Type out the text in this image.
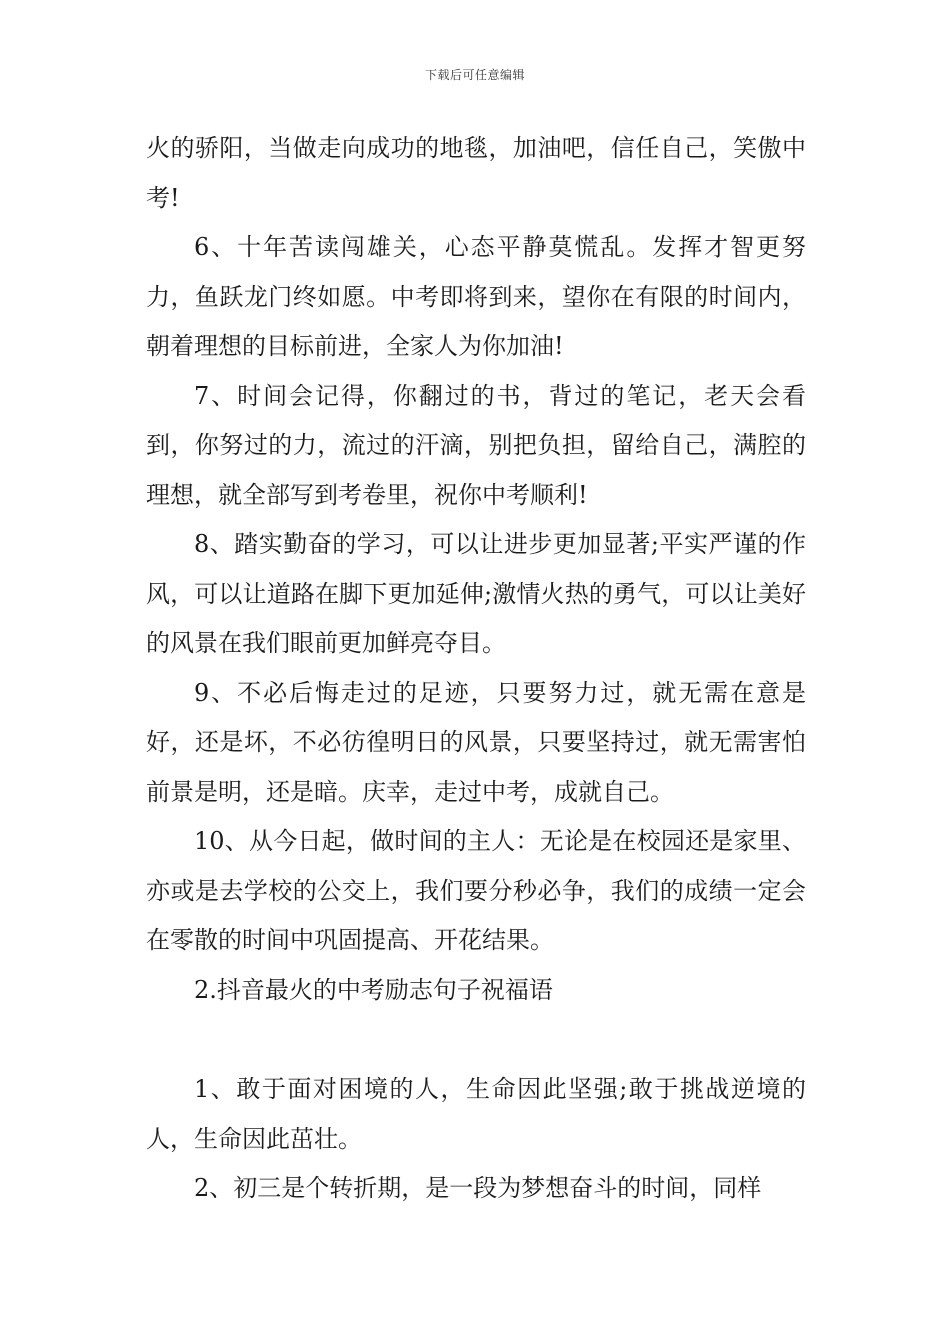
下载后可任意编辑

火的骄阳，当做走向成功的地毯，加油吧，信任自己，笑傲中考!

6、十年苦读闯雄关，心态平静莫慌乱。发挥才智更努力，鱼跃龙门终如愿。中考即将到来，望你在有限的时间内，朝着理想的目标前进，全家人为你加油!

7、时间会记得，你翻过的书，背过的笔记，老天会看到，你努过的力，流过的汗滴，别把负担，留给自己，满腔的理想，就全部写到考卷里，祝你中考顺利!

8、踏实勤奋的学习，可以让进步更加显著;平实严谨的作风，可以让道路在脚下更加延伸;激情火热的勇气，可以让美好的风景在我们眼前更加鲜亮夺目。

9、不必后悔走过的足迹，只要努力过，就无需在意是好，还是坏，不必彷徨明日的风景，只要坚持过，就无需害怕前景是明，还是暗。庆幸，走过中考，成就自己。

10、从今日起，做时间的主人：无论是在校园还是家里、亦或是去学校的公交上，我们要分秒必争，我们的成绩一定会在零散的时间中巩固提高、开花结果。

2.抖音最火的中考励志句子祝福语

1、敢于面对困境的人，生命因此坚强;敢于挑战逆境的人，生命因此茁壮。

2、初三是个转折期，是一段为梦想奋斗的时间，同样
